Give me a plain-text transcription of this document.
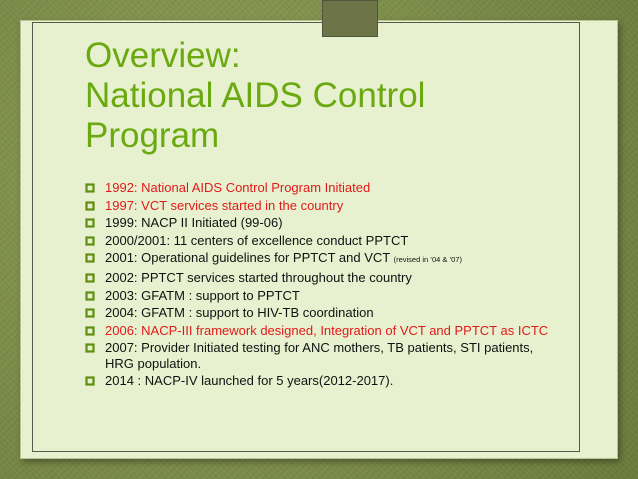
Overview:
National AIDS Control
Program
1992: National AIDS Control Program Initiated
1997: VCT services started in the country
1999: NACP II Initiated (99-06)
2000/2001: 11 centers of excellence conduct PPTCT
2001: Operational guidelines for PPTCT and VCT (revised in ’04 & ’07)
2002: PPTCT services started throughout the country
2003: GFATM : support to PPTCT
2004: GFATM : support to HIV-TB coordination
2006: NACP-III framework designed, Integration of VCT and PPTCT as ICTC
2007: Provider Initiated testing for ANC mothers, TB patients, STI patients, HRG population.
2014 : NACP-IV launched for 5 years(2012-2017).
